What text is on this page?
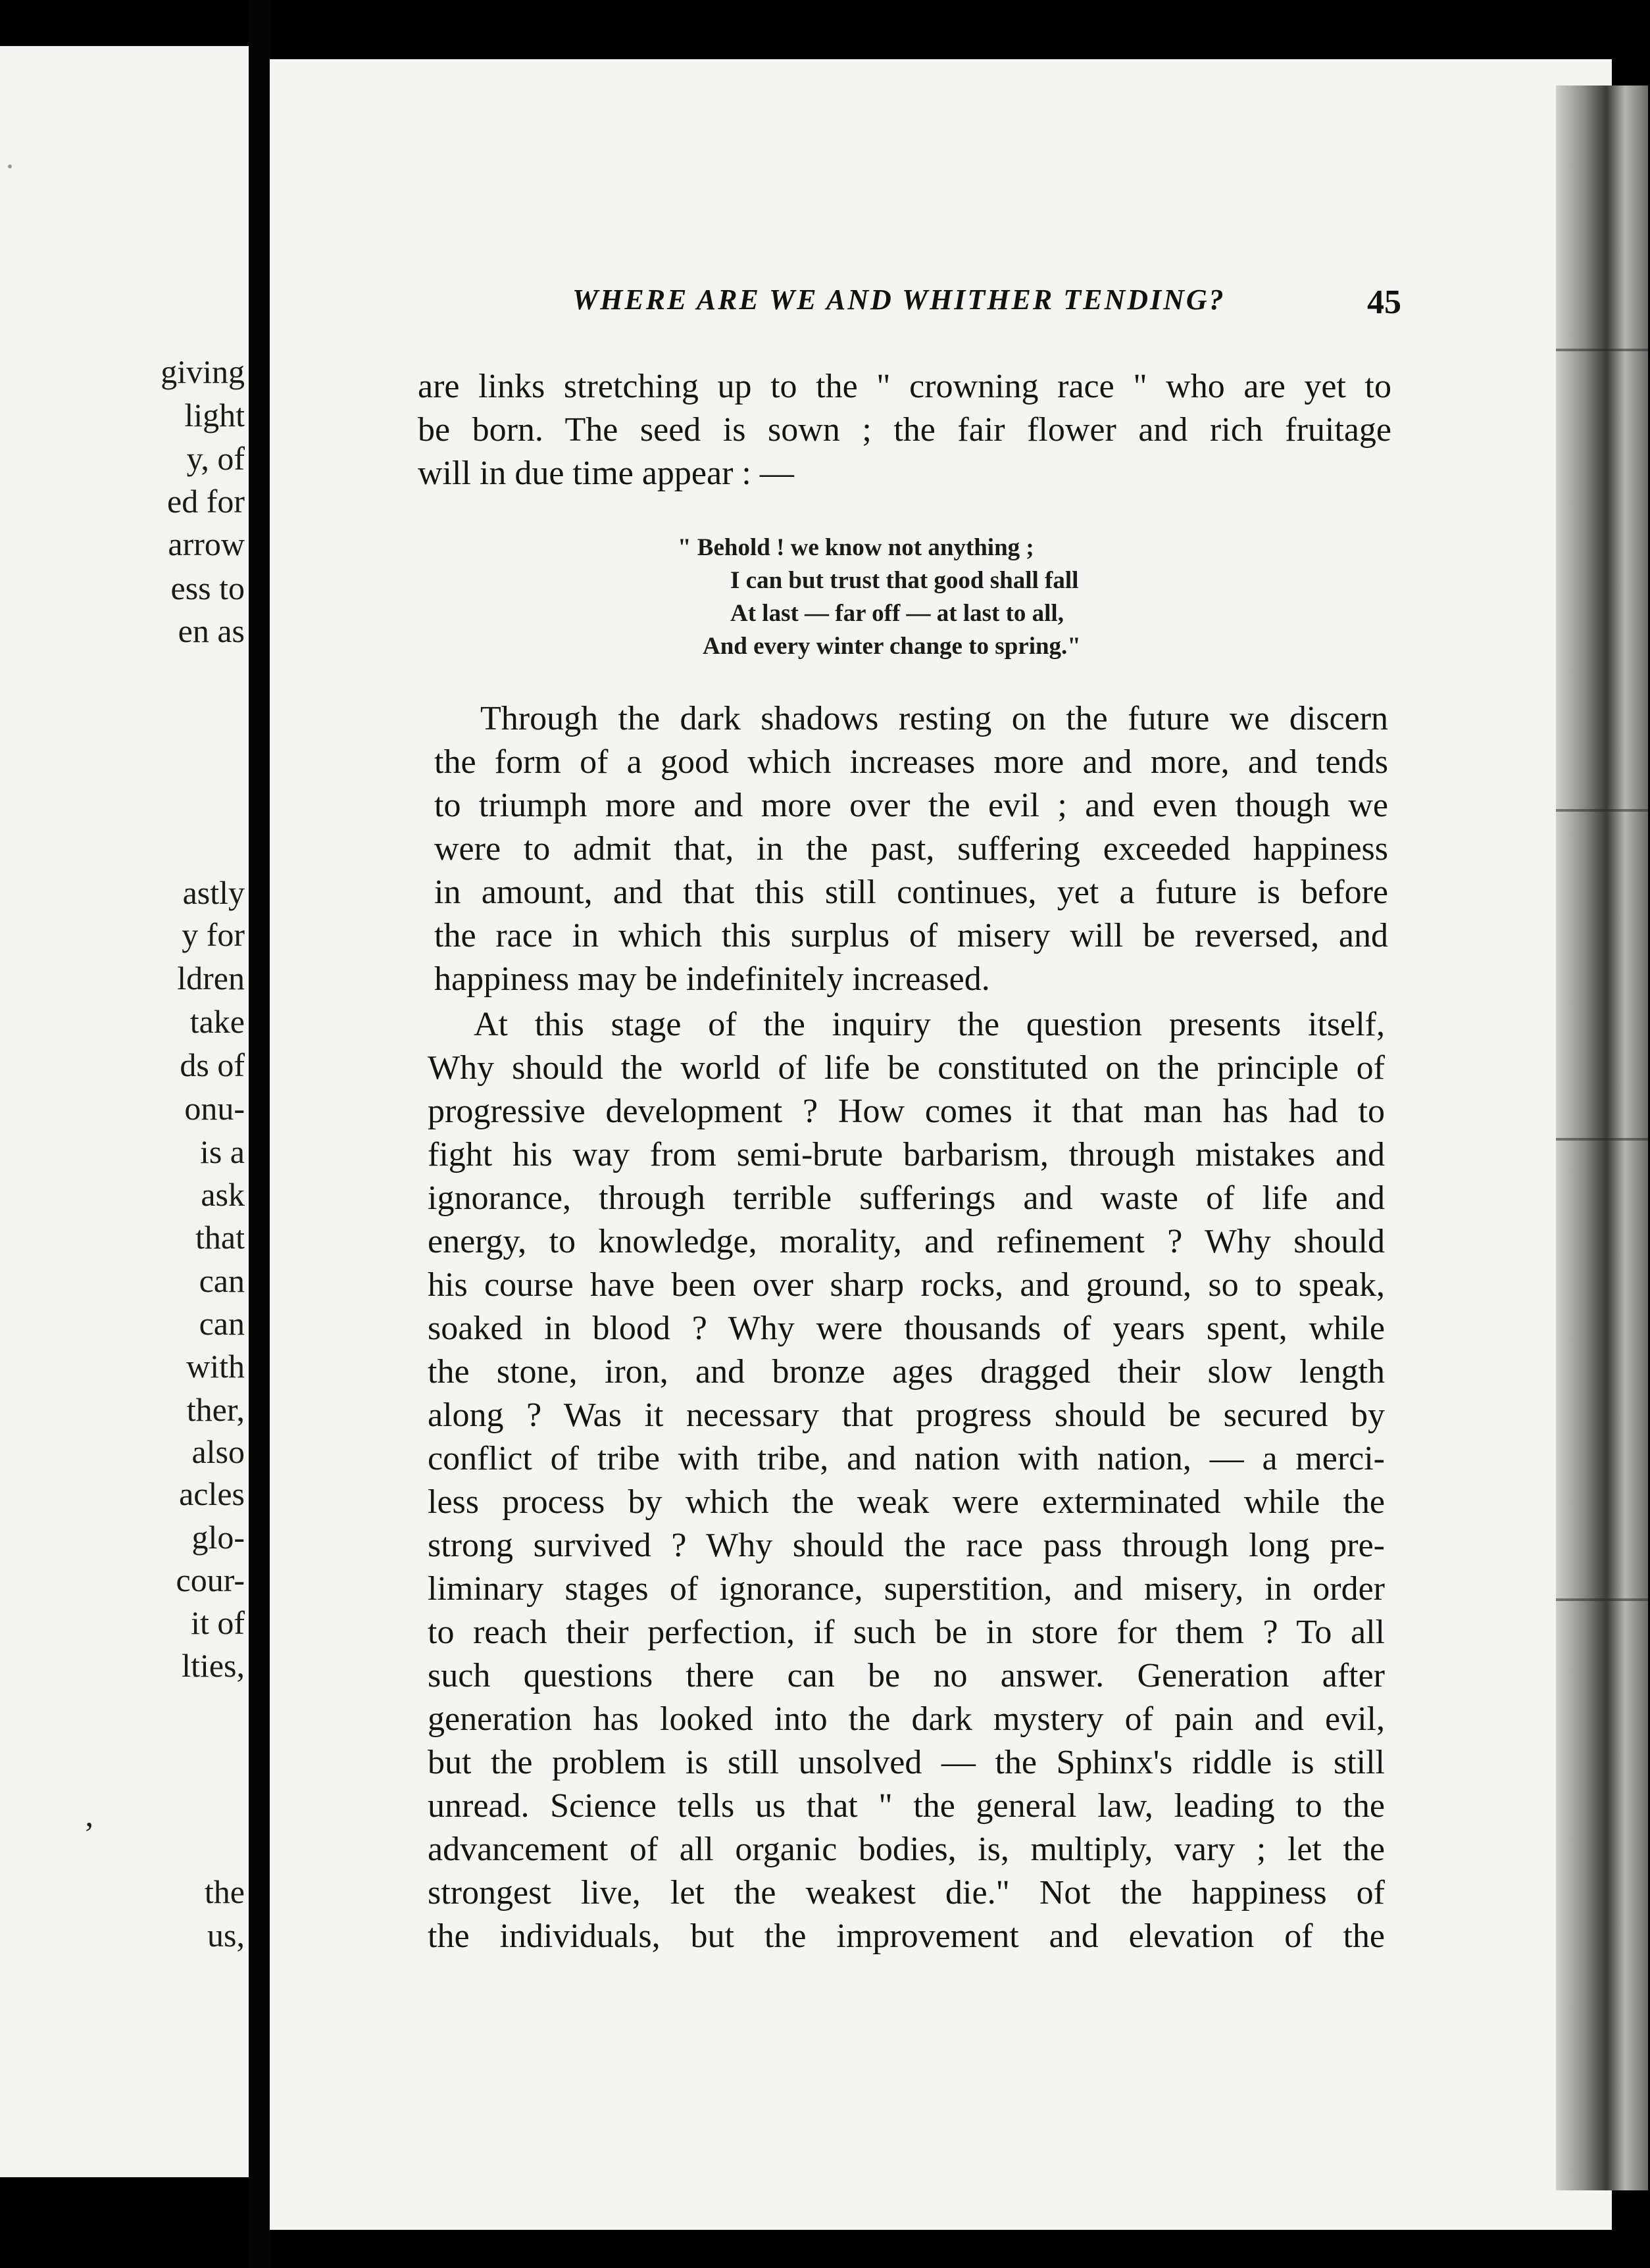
giving
light
y, of
ed for
arrow
ess to
en as
astly
y for
ldren
take
ds of
onu-
is a
ask
that
can
can
with
ther,
also
acles
glo-
cour-
it of
lties,
,
the
us,
WHERE ARE WE AND WHITHER TENDING?	45
are links stretching up to the " crowning race " who are yet to
be born. The seed is sown ; the fair flower and rich fruitage
will in due time appear : —
" Behold ! we know not anything ;
I can but trust that good shall fall
At last — far off — at last to all,
And every winter change to spring."
Through the dark shadows resting on the future we discern
the form of a good which increases more and more, and tends
to triumph more and more over the evil ; and even though we
were to admit that, in the past, suffering exceeded happiness
in amount, and that this still continues, yet a future is before
the race in which this surplus of misery will be reversed, and
happiness may be indefinitely increased.
At this stage of the inquiry the question presents itself,
Why should the world of life be constituted on the principle of
progressive development ? How comes it that man has had to
fight his way from semi-brute barbarism, through mistakes and
ignorance, through terrible sufferings and waste of life and
energy, to knowledge, morality, and refinement ? Why should
his course have been over sharp rocks, and ground, so to speak,
soaked in blood ? Why were thousands of years spent, while
the stone, iron, and bronze ages dragged their slow length
along ? Was it necessary that progress should be secured by
conflict of tribe with tribe, and nation with nation, — a merci-
less process by which the weak were exterminated while the
strong survived ? Why should the race pass through long pre-
liminary stages of ignorance, superstition, and misery, in order
to reach their perfection, if such be in store for them ? To all
such questions there can be no answer. Generation after
generation has looked into the dark mystery of pain and evil,
but the problem is still unsolved — the Sphinx's riddle is still
unread. Science tells us that " the general law, leading to the
advancement of all organic bodies, is, multiply, vary ; let the
strongest live, let the weakest die." Not the happiness of
the individuals, but the improvement and elevation of the
